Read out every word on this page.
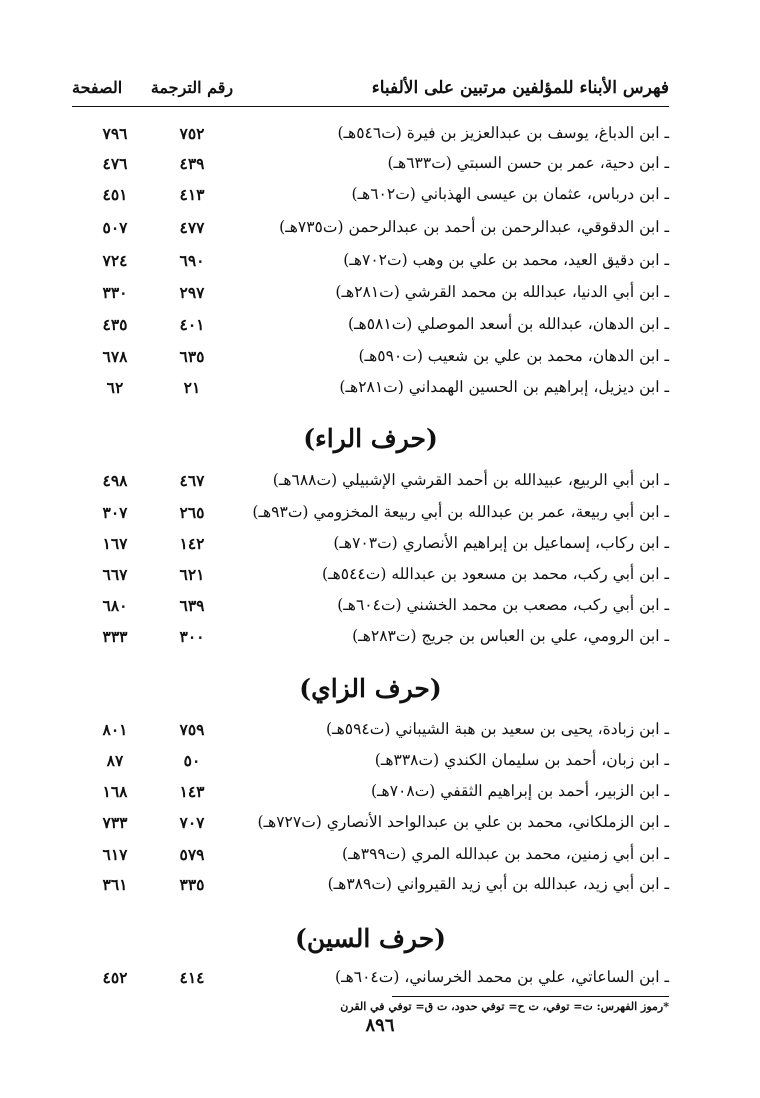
فهرس الأبناء للمؤلفين مرتبين على الألفباء
رقم الترجمة
الصفحة
ـ ابن الدباغ، يوسف بن عبدالعزيز بن فيرة (ت٥٤٦هـ)
٧٥٢
٧٩٦
ـ ابن دحية، عمر بن حسن السبتي (ت٦٣٣هـ)
٤٣٩
٤٧٦
ـ ابن درباس، عثمان بن عيسى الهذباني (ت٦٠٢هـ)
٤١٣
٤٥١
ـ ابن الدقوقي، عبدالرحمن بن أحمد بن عبدالرحمن (ت٧٣٥هـ)
٤٧٧
٥٠٧
ـ ابن دقيق العيد، محمد بن علي بن وهب (ت٧٠٢هـ)
٦٩٠
٧٢٤
ـ ابن أبي الدنيا، عبدالله بن محمد القرشي (ت٢٨١هـ)
٢٩٧
٣٣٠
ـ ابن الدهان، عبدالله بن أسعد الموصلي (ت٥٨١هـ)
٤٠١
٤٣٥
ـ ابن الدهان، محمد بن علي بن شعيب (ت٥٩٠هـ)
٦٣٥
٦٧٨
ـ ابن ديزيل، إبراهيم بن الحسين الهمداني (ت٢٨١هـ)
٢١
٦٢
(حرف الراء)
ـ ابن أبي الربيع، عبيدالله بن أحمد القرشي الإشبيلي (ت٦٨٨هـ)
٤٦٧
٤٩٨
ـ ابن أبي ربيعة، عمر بن عبدالله بن أبي ربيعة المخزومي (ت٩٣هـ)
٢٦٥
٣٠٧
ـ ابن ركاب، إسماعيل بن إبراهيم الأنصاري (ت٧٠٣هـ)
١٤٢
١٦٧
ـ ابن أبي ركب، محمد بن مسعود بن عبدالله (ت٥٤٤هـ)
٦٢١
٦٦٧
ـ ابن أبي ركب، مصعب بن محمد الخشني (ت٦٠٤هـ)
٦٣٩
٦٨٠
ـ ابن الرومي، علي بن العباس بن جريج (ت٢٨٣هـ)
٣٠٠
٣٣٣
(حرف الزاي)
ـ ابن زبادة، يحيى بن سعيد بن هبة الشيباني (ت٥٩٤هـ)
٧٥٩
٨٠١
ـ ابن زبان، أحمد بن سليمان الكندي (ت٣٣٨هـ)
٥٠
٨٧
ـ ابن الزبير، أحمد بن إبراهيم الثقفي (ت٧٠٨هـ)
١٤٣
١٦٨
ـ ابن الزملكاني، محمد بن علي بن عبدالواحد الأنصاري (ت٧٢٧هـ)
٧٠٧
٧٣٣
ـ ابن أبي زمنين، محمد بن عبدالله المري (ت٣٩٩هـ)
٥٧٩
٦١٧
ـ ابن أبي زيد، عبدالله بن أبي زيد القيرواني (ت٣٨٩هـ)
٣٣٥
٣٦١
(حرف السين)
ـ ابن الساعاتي، علي بن محمد الخرساني، (ت٦٠٤هـ)
٤١٤
٤٥٢
*رموز الفهرس: ت= توفي، ت ح= توفي حدود، ت ق= توفي في القرن
٨٩٦
